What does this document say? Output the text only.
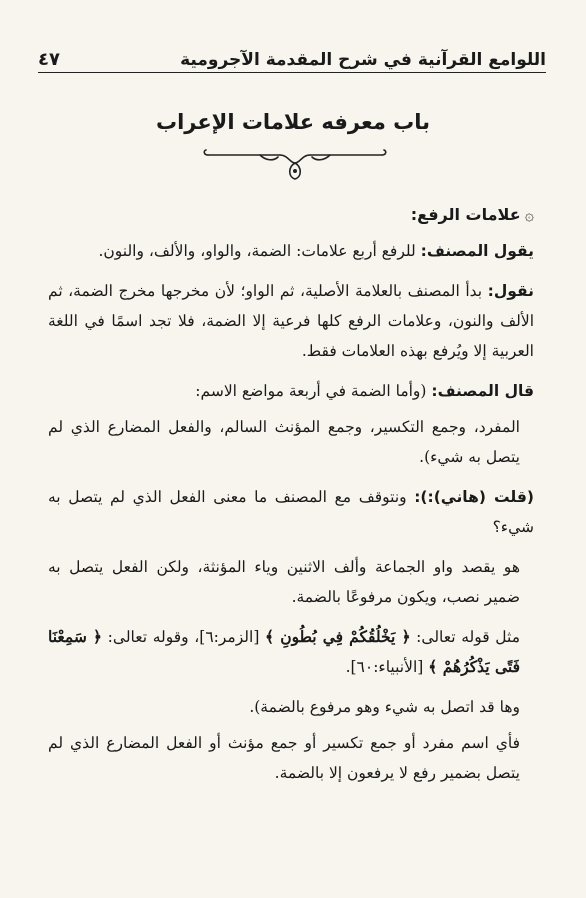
اللوامع القرآنية في شرح المقدمة الآجرومية
٤٧
باب معرفه علامات الإعراب

۞علامات الرفع:

يقول المصنف: للرفع أربع علامات: الضمة، والواو، والألف، والنون.

نقول: بدأ المصنف بالعلامة الأصلية، ثم الواو؛ لأن مخرجها مخرج الضمة، ثم الألف والنون، وعلامات الرفع كلها فرعية إلا الضمة، فلا تجد اسمًا في اللغة العربية إلا ويُرفع بهذه العلامات فقط.

قال المصنف: (وأما الضمة في أربعة مواضع الاسم:

المفرد، وجمع التكسير، وجمع المؤنث السالم، والفعل المضارع الذي لم يتصل به شيء).

(قلت (هاني):): ونتوقف مع المصنف ما معنى الفعل الذي لم يتصل به شيء؟

هو يقصد واو الجماعة وألف الاثنين وياء المؤنثة، ولكن الفعل يتصل به ضمير نصب، ويكون مرفوعًا بالضمة.

مثل قوله تعالى: ﴿ يَخْلُقُكُمْ فِي بُطُونِ ﴾ [الزمر:٦]، وقوله تعالى: ﴿ سَمِعْنَا فَتًى يَذْكُرُهُمْ ﴾ [الأنبياء:٦٠].

وها قد اتصل به شيء وهو مرفوع بالضمة).

فأي اسم مفرد أو جمع تكسير أو جمع مؤنث أو الفعل المضارع الذي لم يتصل بضمير رفع لا يرفعون إلا بالضمة.
